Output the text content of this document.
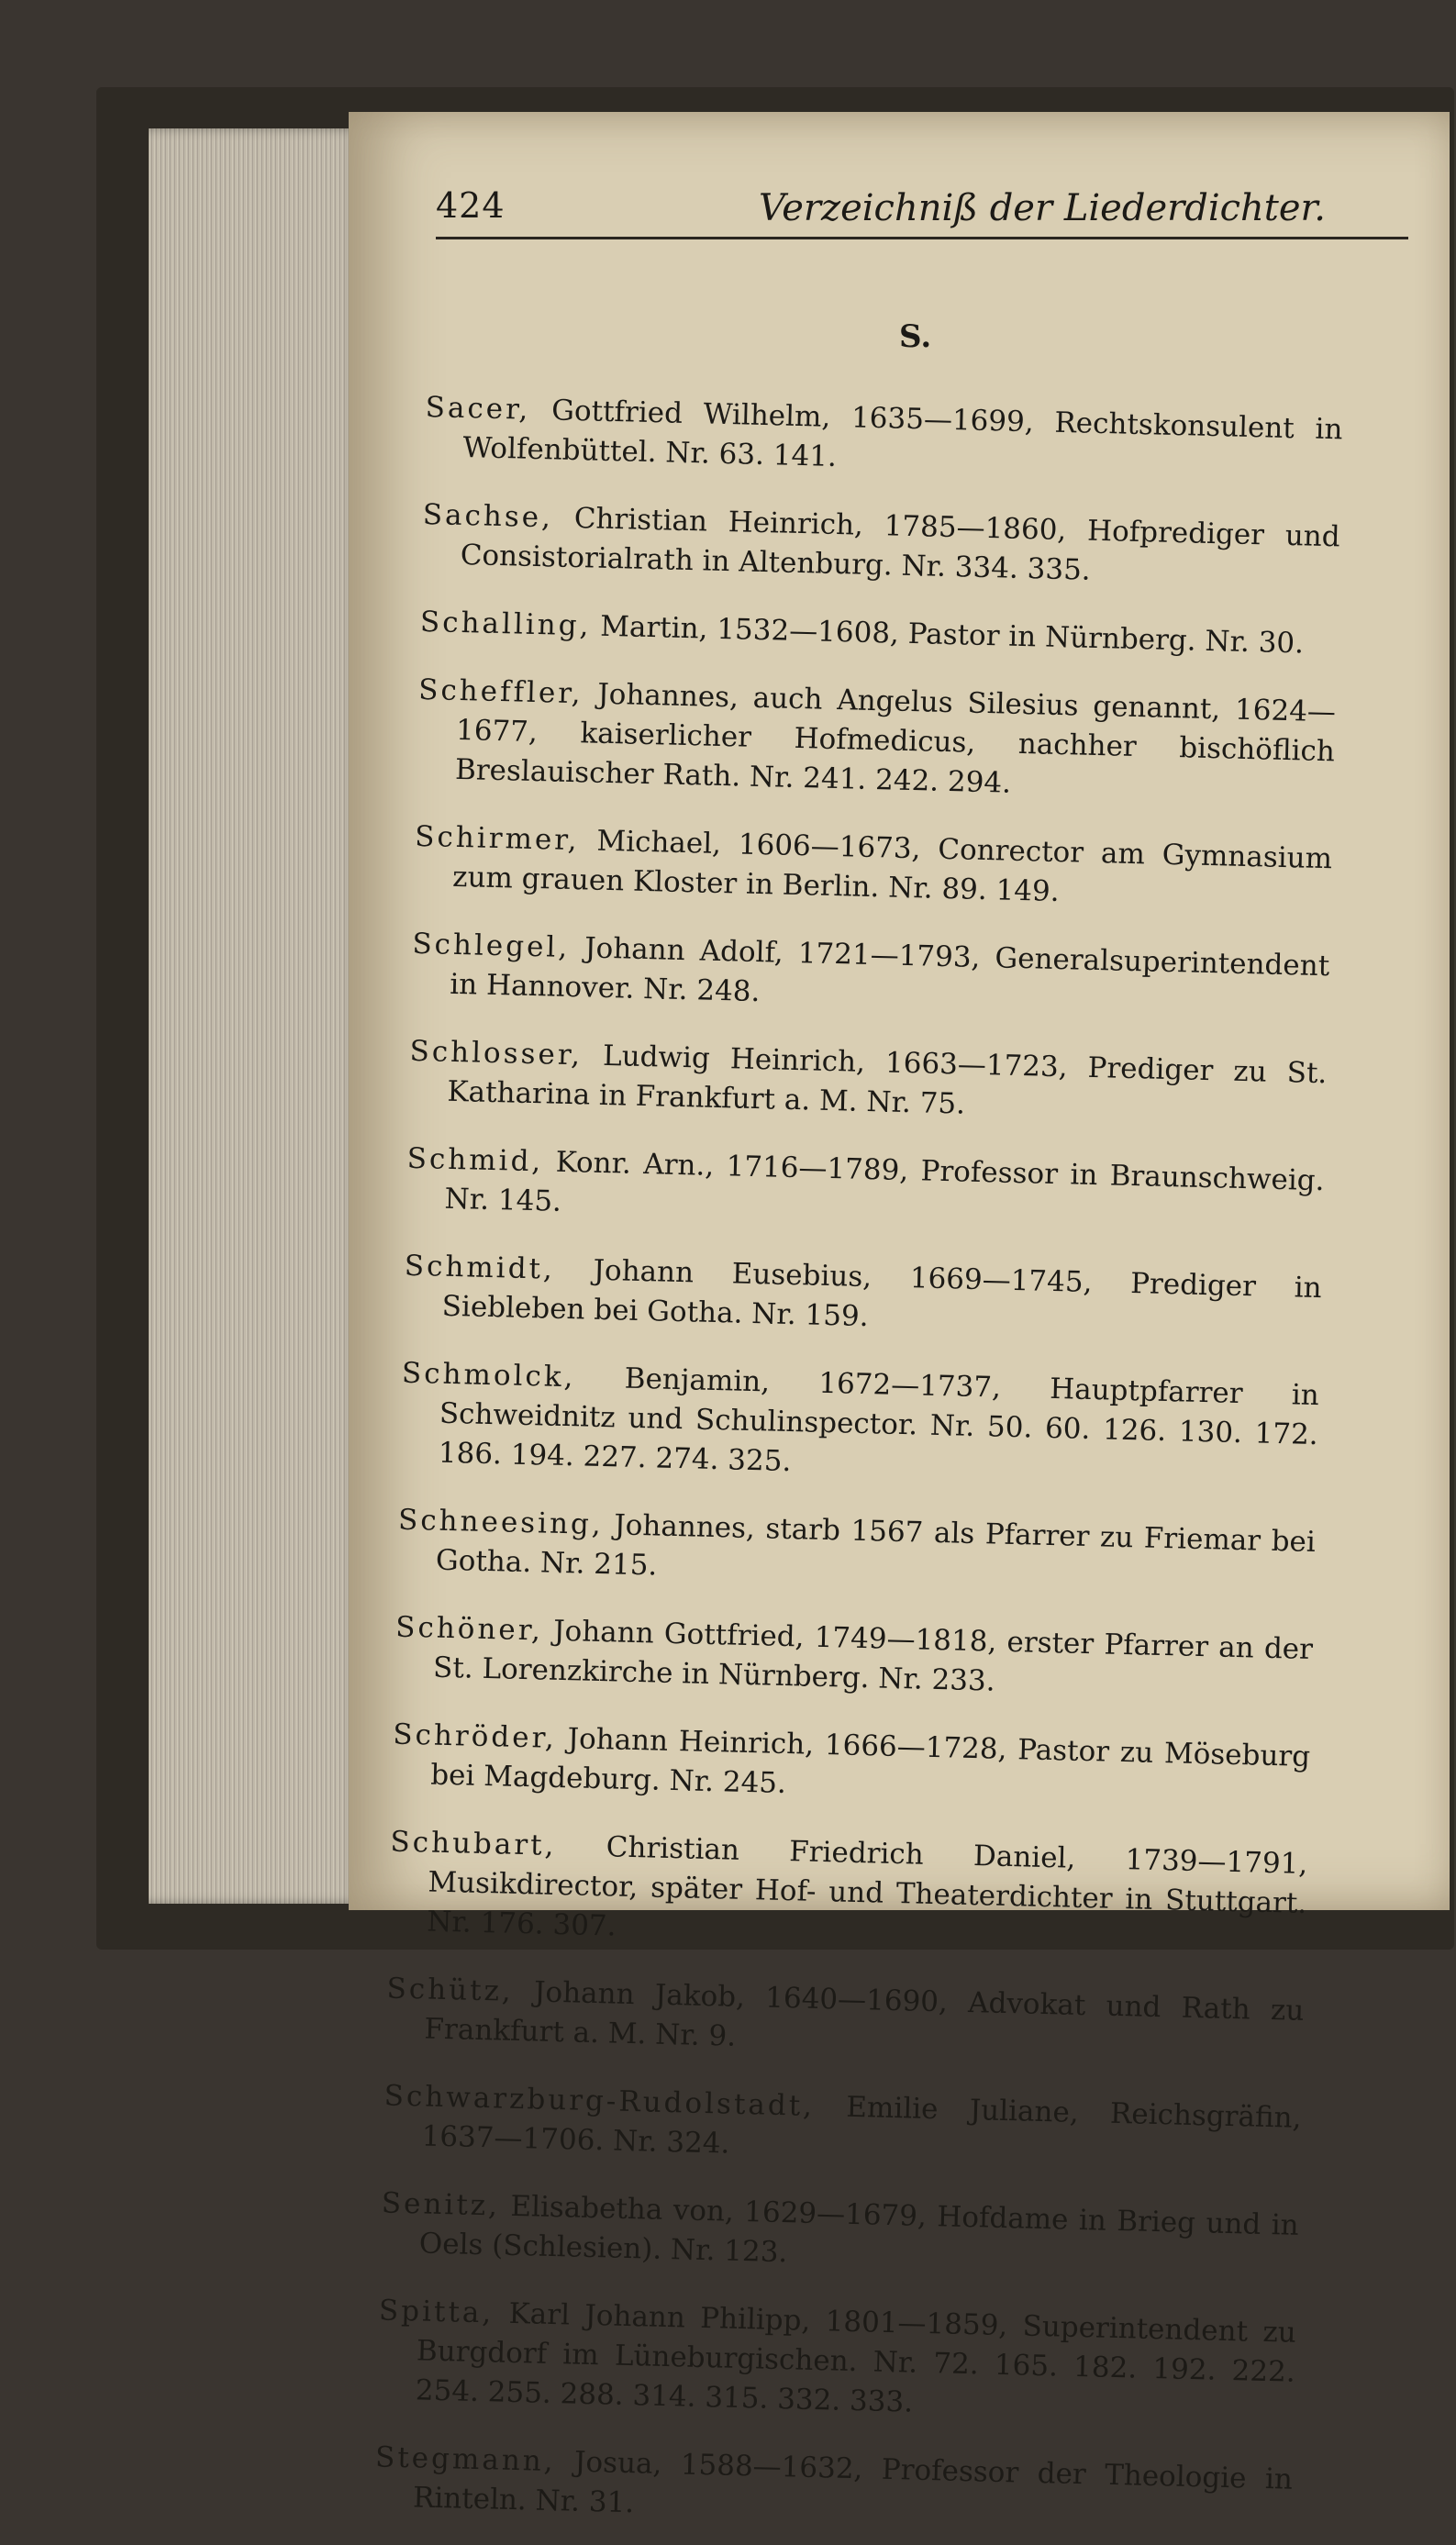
424	Verzeichniß der Liederdichter.
S.

Sacer, Gottfried Wilhelm, 1635—1699, Rechtskonsulent in Wolfenbüttel. Nr. 63. 141.

Sachse, Christian Heinrich, 1785—1860, Hofprediger und Consistorialrath in Altenburg. Nr. 334. 335.

Schalling, Martin, 1532—1608, Pastor in Nürnberg. Nr. 30.

Scheffler, Johannes, auch Angelus Silesius genannt, 1624—1677, kaiserlicher Hofmedicus, nachher bischöflich Breslauischer Rath. Nr. 241. 242. 294.

Schirmer, Michael, 1606—1673, Conrector am Gymnasium zum grauen Kloster in Berlin. Nr. 89. 149.

Schlegel, Johann Adolf, 1721—1793, Generalsuperintendent in Hannover. Nr. 248.

Schlosser, Ludwig Heinrich, 1663—1723, Prediger zu St. Katharina in Frankfurt a. M. Nr. 75.

Schmid, Konr. Arn., 1716—1789, Professor in Braunschweig. Nr. 145.

Schmidt, Johann Eusebius, 1669—1745, Prediger in Siebleben bei Gotha. Nr. 159.

Schmolck, Benjamin, 1672—1737, Hauptpfarrer in Schweidnitz und Schulinspector. Nr. 50. 60. 126. 130. 172. 186. 194. 227. 274. 325.

Schneesing, Johannes, starb 1567 als Pfarrer zu Friemar bei Gotha. Nr. 215.

Schöner, Johann Gottfried, 1749—1818, erster Pfarrer an der St. Lorenzkirche in Nürnberg. Nr. 233.

Schröder, Johann Heinrich, 1666—1728, Pastor zu Möseburg bei Magdeburg. Nr. 245.

Schubart, Christian Friedrich Daniel, 1739—1791, Musikdirector, später Hof- und Theaterdichter in Stuttgart. Nr. 176. 307.

Schütz, Johann Jakob, 1640—1690, Advokat und Rath zu Frankfurt a. M. Nr. 9.

Schwarzburg-Rudolstadt, Emilie Juliane, Reichsgräfin, 1637—1706. Nr. 324.

Senitz, Elisabetha von, 1629—1679, Hofdame in Brieg und in Oels (Schlesien). Nr. 123.

Spitta, Karl Johann Philipp, 1801—1859, Superintendent zu Burgdorf im Lüneburgischen. Nr. 72. 165. 182. 192. 222. 254. 255. 288. 314. 315. 332. 333.

Stegmann, Josua, 1588—1632, Professor der Theologie in Rinteln. Nr. 31.
